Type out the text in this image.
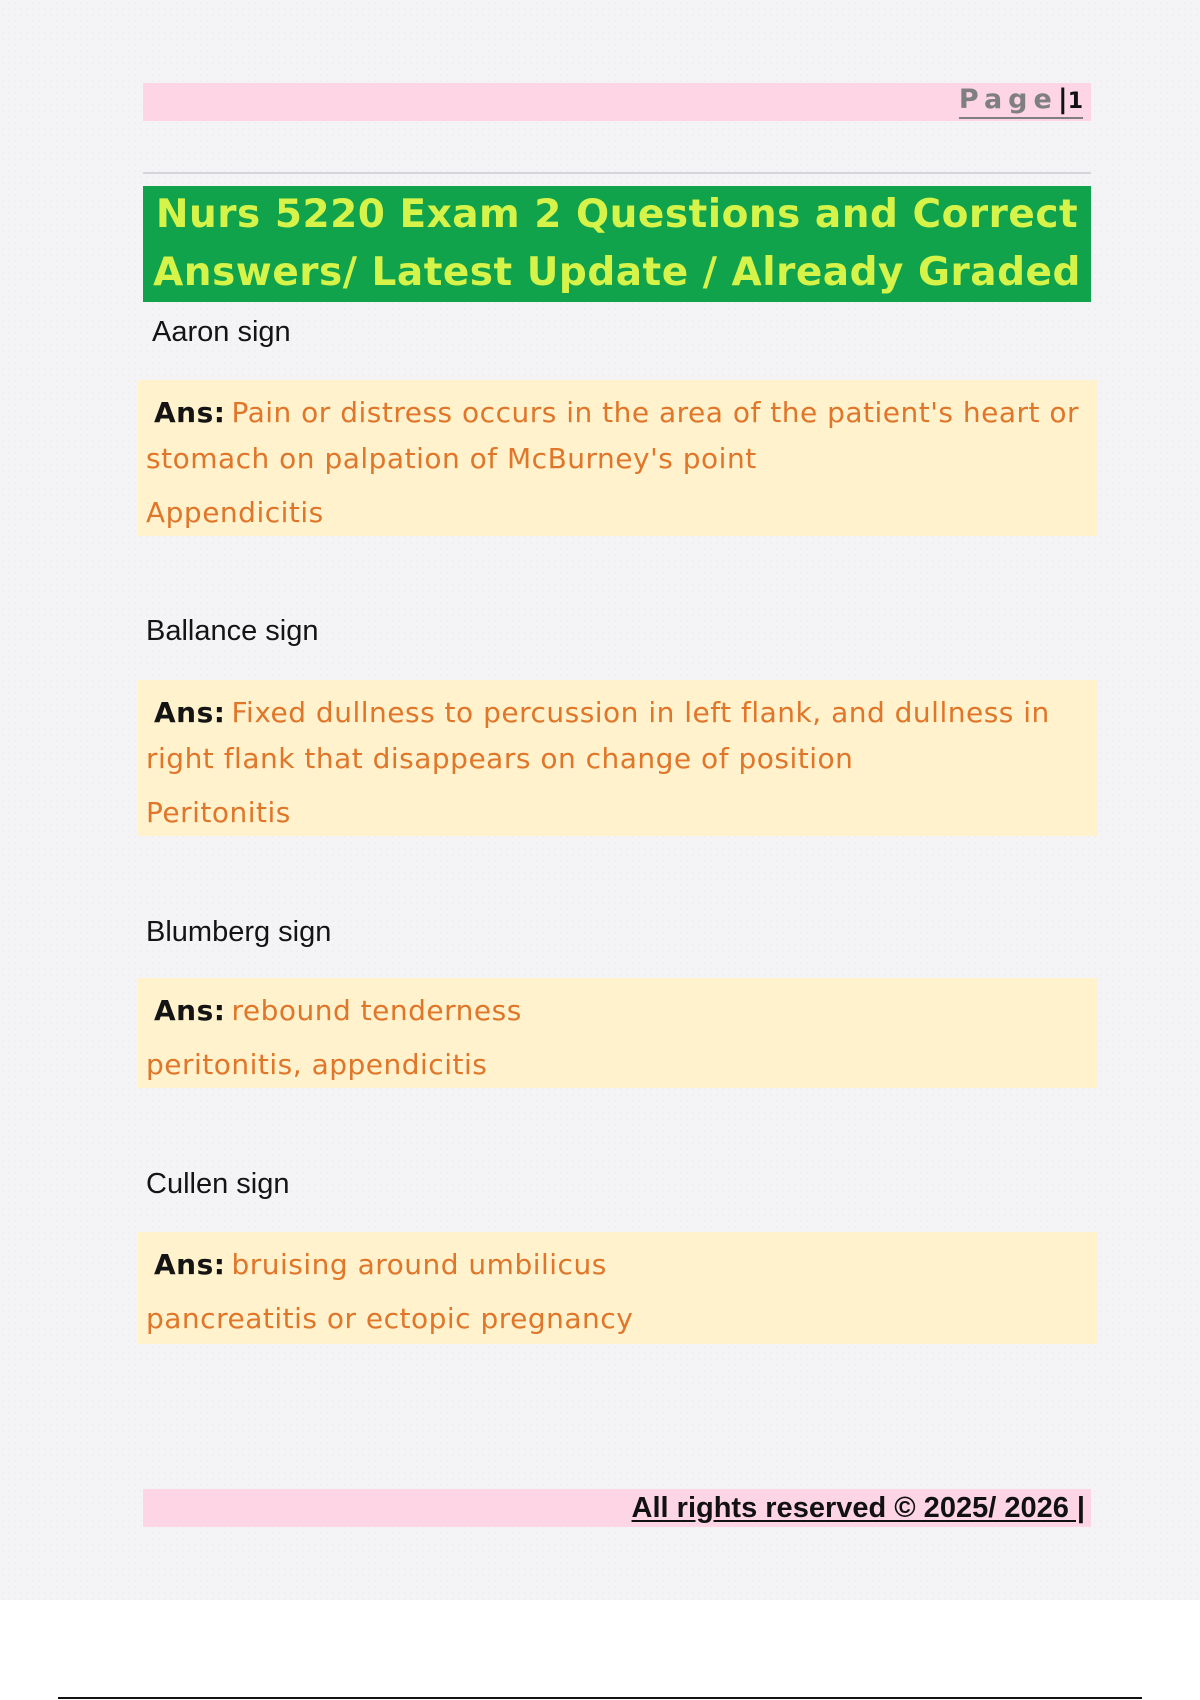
Page|1
Nurs 5220 Exam 2 Questions and Correct
Answers/ Latest Update / Already Graded
Aaron sign
Ans: Pain or distress occurs in the area of the patient's heart or
stomach on palpation of McBurney's point
Appendicitis
Ballance sign
Ans: Fixed dullness to percussion in left flank, and dullness in
right flank that disappears on change of position
Peritonitis
Blumberg sign
Ans: rebound tenderness
peritonitis, appendicitis
Cullen sign
Ans: bruising around umbilicus
pancreatitis or ectopic pregnancy
All rights reserved © 2025/ 2026 |
